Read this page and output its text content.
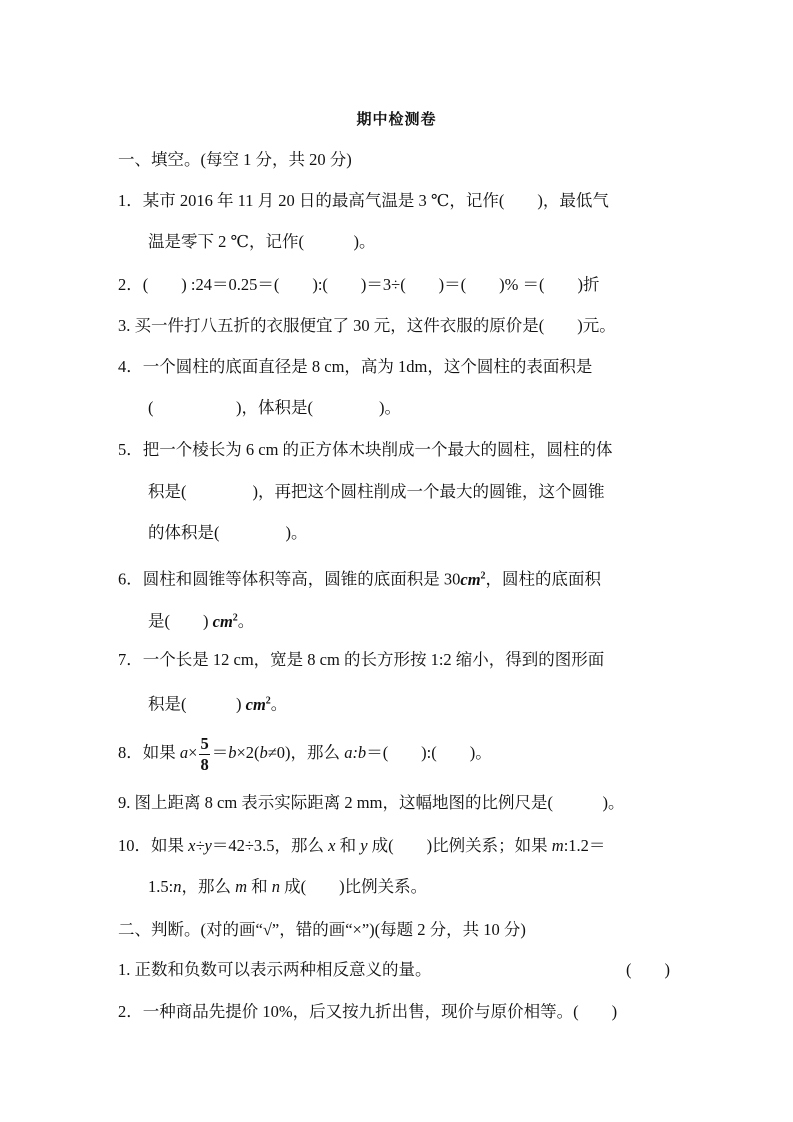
期中检测卷
一、填空。(每空 1 分，共 20 分)
1．某市 2016 年 11 月 20 日的最高气温是 3 ℃，记作(　　)，最低气
温是零下 2 ℃，记作(　　　)。
2．(　　) :24＝0.25＝(　　):(　　)＝3÷(　　)＝(　　)% ＝(　　)折
3. 买一件打八五折的衣服便宜了 30 元，这件衣服的原价是(　　)元。
4．一个圆柱的底面直径是 8 cm，高为 1dm，这个圆柱的表面积是
(　　　　　)，体积是(　　　　)。
5．把一个棱长为 6 cm 的正方体木块削成一个最大的圆柱，圆柱的体
积是(　　　　)，再把这个圆柱削成一个最大的圆锥，这个圆锥
的体积是(　　　　)。
6．圆柱和圆锥等体积等高，圆锥的底面积是 $30cm^2$，圆柱的底面积
是(　　) $cm^2$。
7．一个长是 12 cm，宽是 8 cm 的长方形按 1:2 缩小，得到的图形面
积是(　　　) $cm^2$。
8．如果 $a\times \frac{5}{8} =b\times 2(b\ne 0)$，那么 a:b＝(　　):(　　)。
9. 图上距离 8 cm 表示实际距离 2 mm，这幅地图的比例尺是(　　　)。
10．如果 x÷y＝42÷3.5，那么 x 和 y 成(　　)比例关系；如果 m:1.2＝
1.5:n，那么 m 和 n 成(　　)比例关系。
二、判断。(对的画“√”，错的画“×”)(每题 2 分，共 10 分)
1. 正数和负数可以表示两种相反意义的量。	(　　)
2．一种商品先提价 10%，后又按九折出售，现价与原价相等。(　　)
